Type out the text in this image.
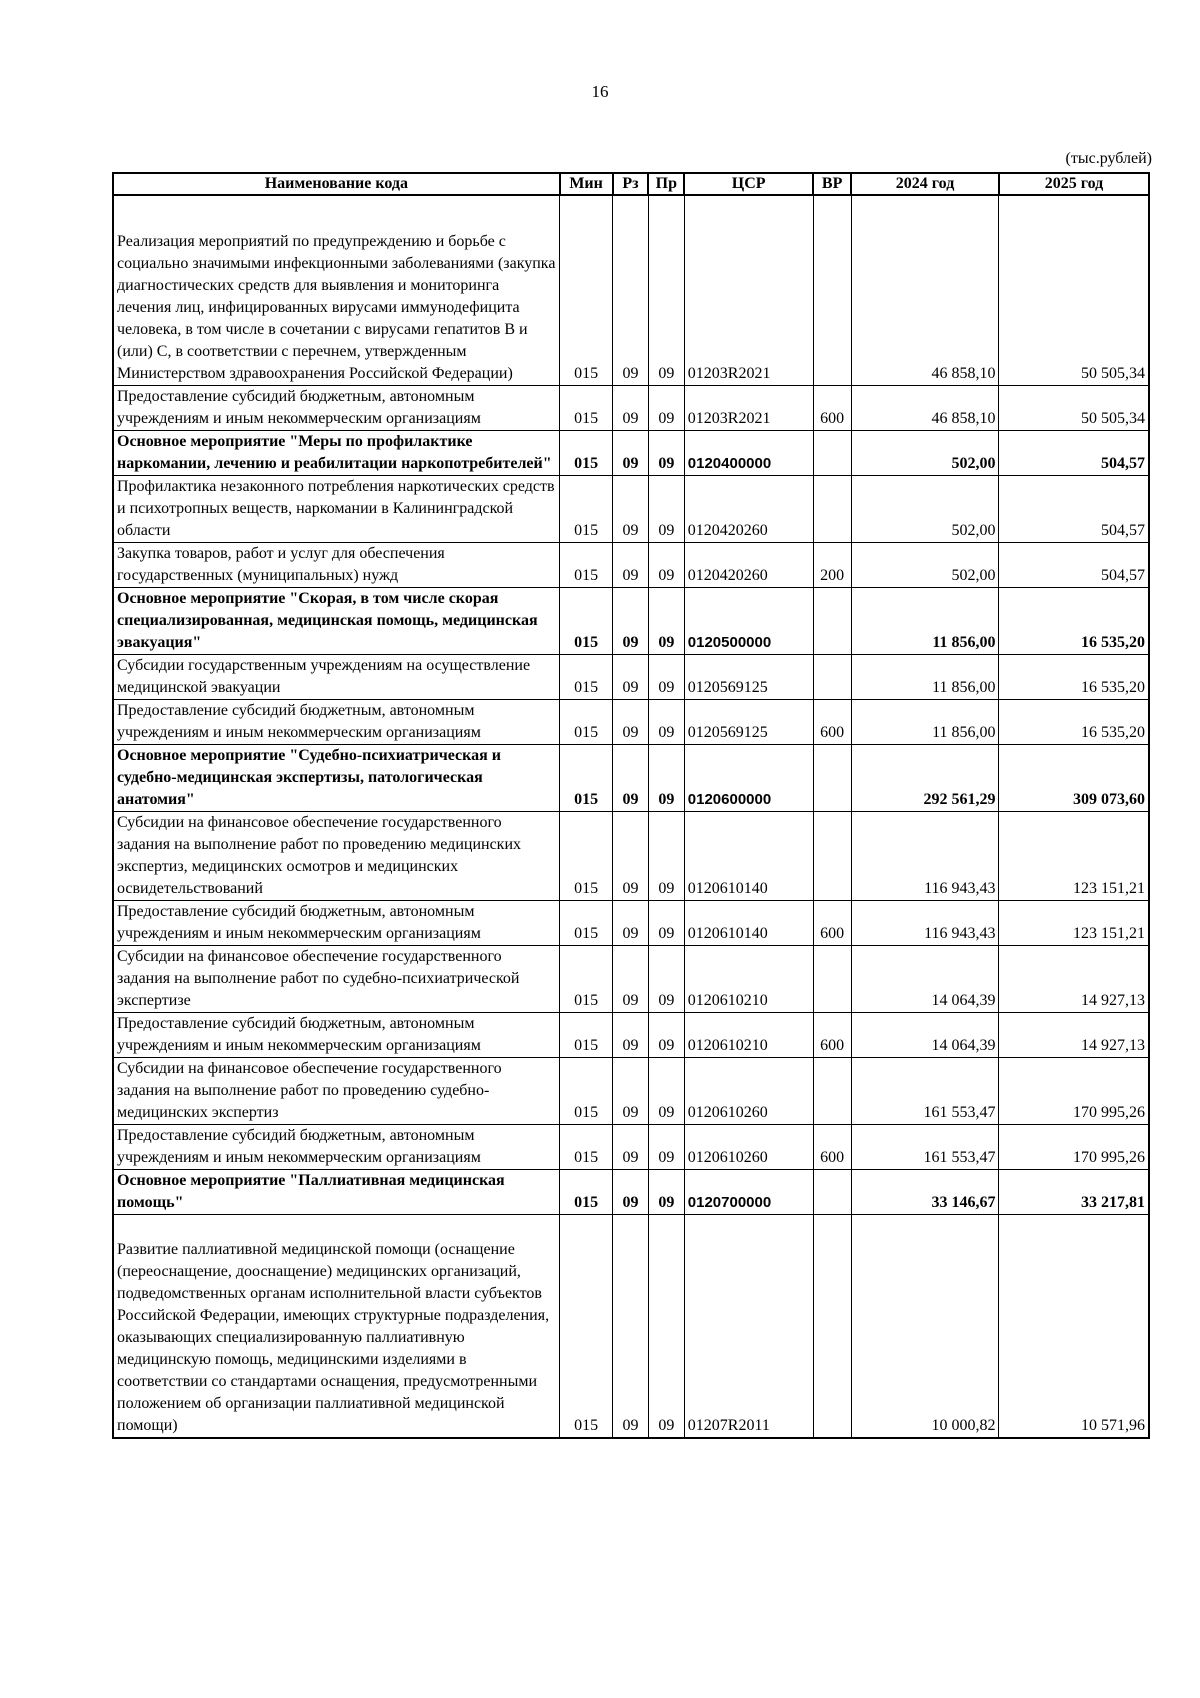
16
(тыс.рублей)
Наименование кода	Мин	Рз	Пр	ЦСР	ВР	2024 год	2025 год
Реализация мероприятий по предупреждению и борьбе с социально значимыми инфекционными заболеваниями (закупка диагностических средств для выявления и мониторинга лечения лиц, инфицированных вирусами иммунодефицита человека, в том числе в сочетании с вирусами гепатитов В и (или) С, в соответствии с перечнем, утвержденным Министерством здравоохранения Российской Федерации)	015	09	09	01203R2021		46 858,10	50 505,34
Предоставление субсидий бюджетным, автономным учреждениям и иным некоммерческим организациям	015	09	09	01203R2021	600	46 858,10	50 505,34
Основное мероприятие "Меры по профилактике наркомании, лечению и реабилитации наркопотребителей"	015	09	09	0120400000		502,00	504,57
Профилактика незаконного потребления наркотических средств и психотропных веществ, наркомании в Калининградской области	015	09	09	0120420260		502,00	504,57
Закупка товаров, работ и услуг для обеспечения государственных (муниципальных) нужд	015	09	09	0120420260	200	502,00	504,57
Основное мероприятие "Скорая, в том числе скорая специализированная, медицинская помощь, медицинская эвакуация"	015	09	09	0120500000		11 856,00	16 535,20
Субсидии государственным учреждениям на осуществление медицинской эвакуации	015	09	09	0120569125		11 856,00	16 535,20
Предоставление субсидий бюджетным, автономным учреждениям и иным некоммерческим организациям	015	09	09	0120569125	600	11 856,00	16 535,20
Основное мероприятие "Судебно-психиатрическая и судебно-медицинская экспертизы, патологическая анатомия"	015	09	09	0120600000		292 561,29	309 073,60
Субсидии на финансовое обеспечение государственного задания на выполнение работ по проведению медицинских экспертиз, медицинских осмотров и медицинских освидетельствований	015	09	09	0120610140		116 943,43	123 151,21
Предоставление субсидий бюджетным, автономным учреждениям и иным некоммерческим организациям	015	09	09	0120610140	600	116 943,43	123 151,21
Субсидии на финансовое обеспечение государственного задания на выполнение работ по судебно-психиатрической экспертизе	015	09	09	0120610210		14 064,39	14 927,13
Предоставление субсидий бюджетным, автономным учреждениям и иным некоммерческим организациям	015	09	09	0120610210	600	14 064,39	14 927,13
Субсидии на финансовое обеспечение государственного задания на выполнение работ по проведению судебно-медицинских экспертиз	015	09	09	0120610260		161 553,47	170 995,26
Предоставление субсидий бюджетным, автономным учреждениям и иным некоммерческим организациям	015	09	09	0120610260	600	161 553,47	170 995,26
Основное мероприятие "Паллиативная медицинская помощь"	015	09	09	0120700000		33 146,67	33 217,81
Развитие паллиативной медицинской помощи (оснащение (переоснащение, дооснащение) медицинских организаций, подведомственных органам исполнительной власти субъектов Российской Федерации, имеющих структурные подразделения, оказывающих специализированную паллиативную медицинскую помощь, медицинскими изделиями в соответствии со стандартами оснащения, предусмотренными положением об организации паллиативной медицинской помощи)	015	09	09	01207R2011		10 000,82	10 571,96
